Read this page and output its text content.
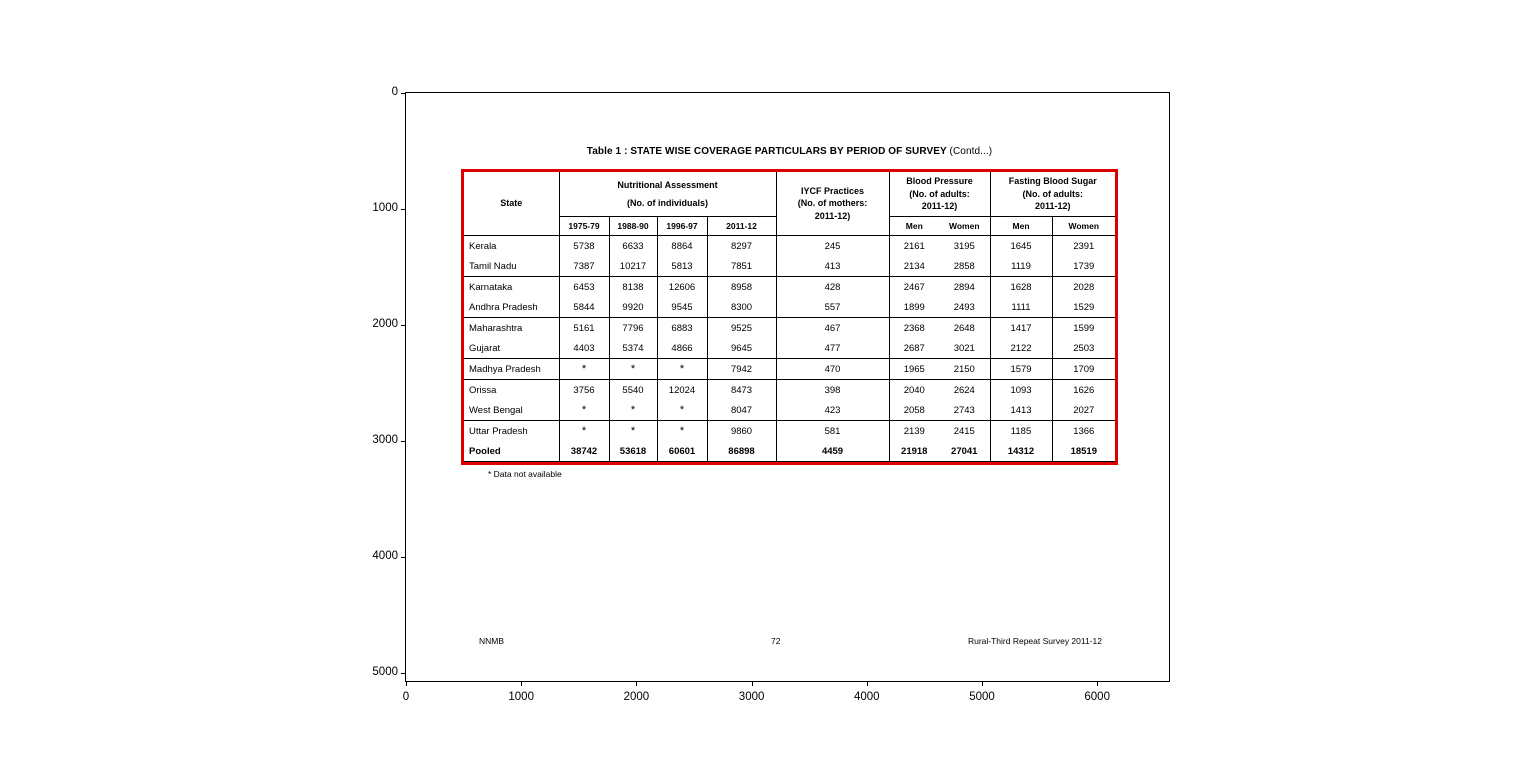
Table 1 : STATE WISE COVERAGE PARTICULARS BY PERIOD OF SURVEY (Contd...)
State	
Nutritional Assessment
(No. of individuals)

IYCF Practices
(No. of mothers:
2011-12)

Blood Pressure
(No. of adults:
2011-12)

Fasting Blood Sugar
(No. of adults:
2011-12)

	1975-79	1988-90	1996-97	2011-12		Men	Women	Men	Women
Kerala	5738	6633	8864	8297	245	2161	3195	1645	2391
Tamil Nadu	7387	10217	5813	7851	413	2134	2858	1119	1739
Karnataka	6453	8138	12606	8958	428	2467	2894	1628	2028
Andhra Pradesh	5844	9920	9545	8300	557	1899	2493	1111	1529
Maharashtra	5161	7796	6883	9525	467	2368	2648	1417	1599
Gujarat	4403	5374	4866	9645	477	2687	3021	2122	2503
Madhya Pradesh	*	*	*	7942	470	1965	2150	1579	1709
Orissa	3756	5540	12024	8473	398	2040	2624	1093	1626
West Bengal	*	*	*	8047	423	2058	2743	1413	2027
Uttar Pradesh	*	*	*	9860	581	2139	2415	1185	1366
Pooled	38742	53618	60601	86898	4459	21918	27041	14312	18519
* Data not available
NNMB	72	Rural-Third Repeat Survey 2011-12
0	1000	2000	3000	4000	5000	6000
0
1000
2000
3000
4000
5000
